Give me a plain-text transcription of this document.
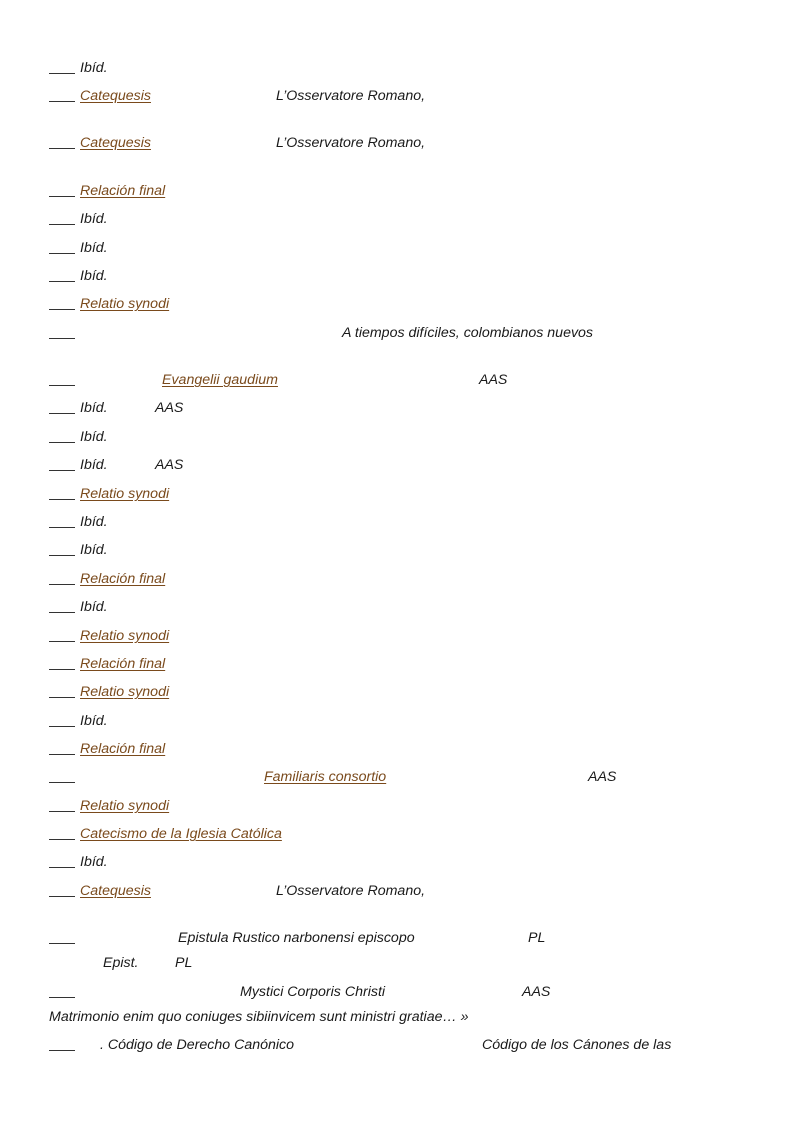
Ibíd.
Catequesis	L’Osservatore Romano,
Catequesis	L’Osservatore Romano,
Relación final
Ibíd.
Ibíd.
Ibíd.
Relatio synodi
A tiempos difíciles, colombianos nuevos
Evangelii gaudium	AAS
Ibíd.	AAS
Ibíd.
Ibíd.	AAS
Relatio synodi
Ibíd.
Ibíd.
Relación final
Ibíd.
Relatio synodi
Relación final
Relatio synodi
Ibíd.
Relación final
Familiaris consortio	AAS
Relatio synodi
Catecismo de la Iglesia Católica
Ibíd.
Catequesis	L’Osservatore Romano,
Epistula Rustico narbonensi episcopo	PL
Epist.	PL
Mystici Corporis Christi	AAS
Matrimonio enim quo coniuges sibiinvicem sunt ministri gratiae… »
. Código de Derecho Canónico	Código de los Cánones de las
